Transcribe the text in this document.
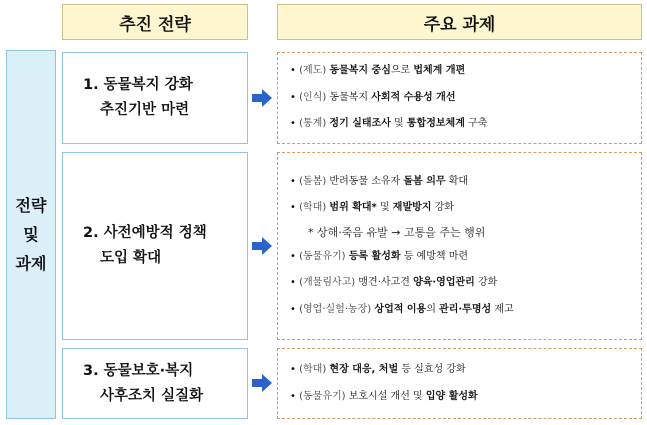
추진 전략	주요 과제
전략
및
과제
1. 동물복지 강화
추진기반 마련
• (제도) 동물복지 중심으로 법체계 개편
• (인식) 동물복지 사회적 수용성 개선
• (통계) 정기 실태조사 및 통합정보체계 구축
2. 사전예방적 정책
도입 확대
• (돌봄) 반려동물 소유자 돌봄 의무 확대
• (학대) 범위 확대* 및 재발방지 강화
* 상해·죽음 유발 → 고통을 주는 행위
• (동물유기) 등록 활성화 등 예방책 마련
• (개물림사고) 맹견·사고견 양육·영업관리 강화
• (영업·실험·농장) 상업적 이용의 관리·투명성 제고
3. 동물보호·복지
사후조치 실질화
• (학대) 현장 대응, 처벌 등 실효성 강화
• (동물유기) 보호시설 개선 및 입양 활성화
